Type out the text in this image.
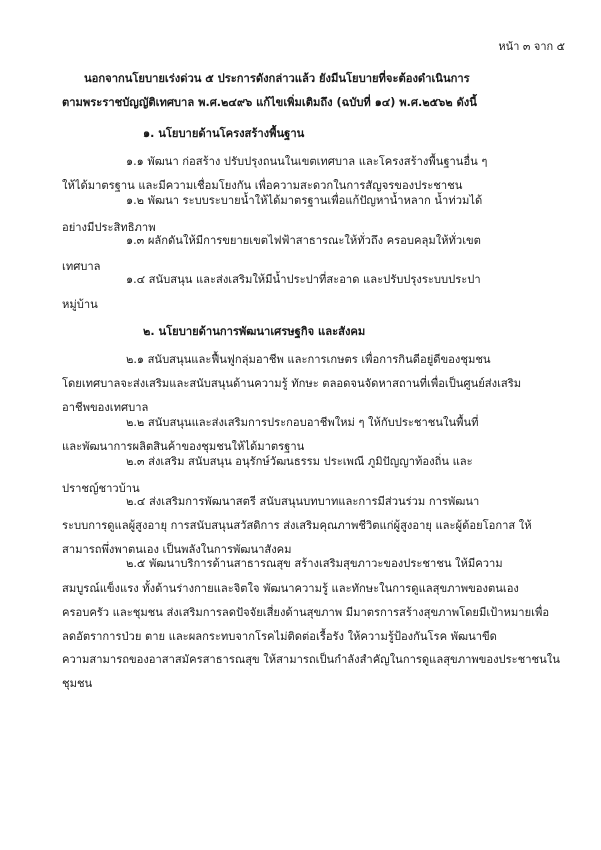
หน้า ๓ จาก ๕
นอกจากนโยบายเร่งด่วน ๕ ประการดังกล่าวแล้ว ยังมีนโยบายที่จะต้องดำเนินการ
ตามพระราชบัญญัติเทศบาล พ.ศ.๒๔๙๖ แก้ไขเพิ่มเติมถึง (ฉบับที่ ๑๔) พ.ศ.๒๕๖๒ ดังนี้
๑. นโยบายด้านโครงสร้างพื้นฐาน
๑.๑ พัฒนา ก่อสร้าง ปรับปรุงถนนในเขตเทศบาล และโครงสร้างพื้นฐานอื่น ๆ
ให้ได้มาตรฐาน และมีความเชื่อมโยงกัน เพื่อความสะดวกในการสัญจรของประชาชน
๑.๒ พัฒนา ระบบระบายน้ำให้ได้มาตรฐานเพื่อแก้ปัญหาน้ำหลาก น้ำท่วมได้
อย่างมีประสิทธิภาพ
๑.๓ ผลักดันให้มีการขยายเขตไฟฟ้าสาธารณะให้ทั่วถึง ครอบคลุมให้ทั่วเขต
เทศบาล
๑.๔ สนับสนุน และส่งเสริมให้มีน้ำประปาที่สะอาด และปรับปรุงระบบประปา
หมู่บ้าน
๒. นโยบายด้านการพัฒนาเศรษฐกิจ และสังคม
๒.๑ สนับสนุนและฟื้นฟูกลุ่มอาชีพ และการเกษตร เพื่อการกินดีอยู่ดีของชุมชน
โดยเทศบาลจะส่งเสริมและสนับสนุนด้านความรู้ ทักษะ ตลอดจนจัดหาสถานที่เพื่อเป็นศูนย์ส่งเสริม
อาชีพของเทศบาล
๒.๒ สนับสนุนและส่งเสริมการประกอบอาชีพใหม่ ๆ ให้กับประชาชนในพื้นที่
และพัฒนาการผลิตสินค้าของชุมชนให้ได้มาตรฐาน
๒.๓ ส่งเสริม สนับสนุน อนุรักษ์วัฒนธรรม ประเพณี ภูมิปัญญาท้องถิ่น และ
ปราชญ์ชาวบ้าน
๒.๔ ส่งเสริมการพัฒนาสตรี สนับสนุนบทบาทและการมีส่วนร่วม การพัฒนา
ระบบการดูแลผู้สูงอายุ การสนับสนุนสวัสดิการ ส่งเสริมคุณภาพชีวิตแก่ผู้สูงอายุ และผู้ด้อยโอกาส ให้
สามารถพึ่งพาตนเอง เป็นพลังในการพัฒนาสังคม
๒.๕ พัฒนาบริการด้านสาธารณสุข สร้างเสริมสุขภาวะของประชาชน ให้มีความ
สมบูรณ์แข็งแรง ทั้งด้านร่างกายและจิตใจ พัฒนาความรู้ และทักษะในการดูแลสุขภาพของตนเอง
ครอบครัว และชุมชน ส่งเสริมการลดปัจจัยเสี่ยงด้านสุขภาพ มีมาตรการสร้างสุขภาพโดยมีเป้าหมายเพื่อ
ลดอัตราการป่วย ตาย และผลกระทบจากโรคไม่ติดต่อเรื้อรัง ให้ความรู้ป้องกันโรค พัฒนาขีด
ความสามารถของอาสาสมัครสาธารณสุข ให้สามารถเป็นกำลังสำคัญในการดูแลสุขภาพของประชาชนใน
ชุมชน
